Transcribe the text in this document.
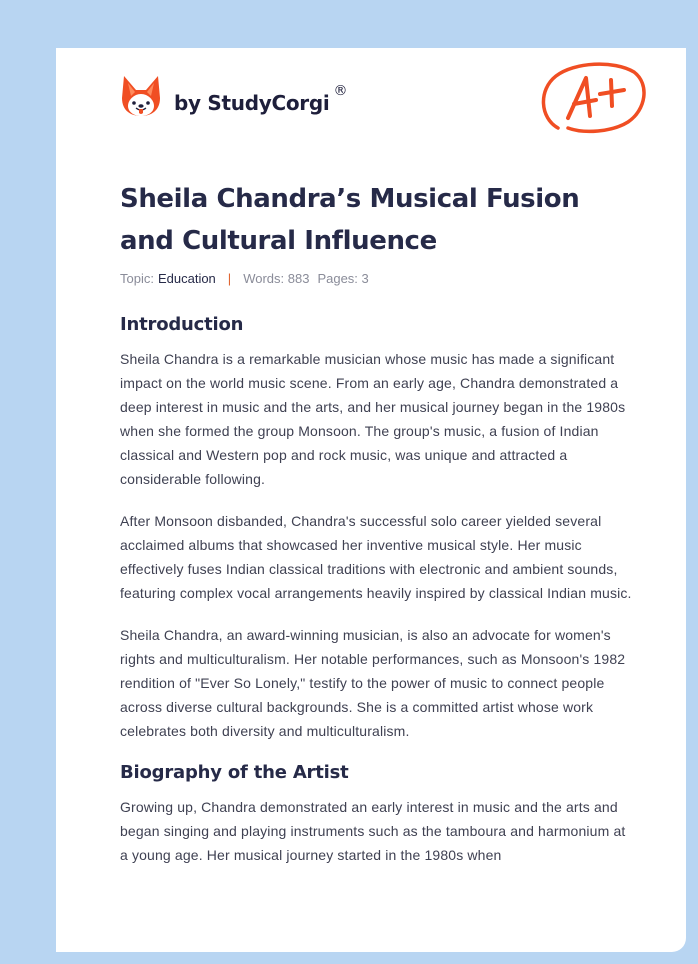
by StudyCorgi ®
Sheila Chandra’s Musical Fusion and Cultural Influence
Topic: Education | Words: 883 Pages: 3
Introduction

Sheila Chandra is a remarkable musician whose music has made a significant impact on the world music scene. From an early age, Chandra demonstrated a deep interest in music and the arts, and her musical journey began in the 1980s when she formed the group Monsoon. The group's music, a fusion of Indian classical and Western pop and rock music, was unique and attracted a considerable following.

After Monsoon disbanded, Chandra's successful solo career yielded several acclaimed albums that showcased her inventive musical style. Her music effectively fuses Indian classical traditions with electronic and ambient sounds, featuring complex vocal arrangements heavily inspired by classical Indian music.

Sheila Chandra, an award-winning musician, is also an advocate for women's rights and multiculturalism. Her notable performances, such as Monsoon's 1982 rendition of "Ever So Lonely," testify to the power of music to connect people across diverse cultural backgrounds. She is a committed artist whose work celebrates both diversity and multiculturalism.

Biography of the Artist

Growing up, Chandra demonstrated an early interest in music and the arts and began singing and playing instruments such as the tamboura and harmonium at a young age. Her musical journey started in the 1980s when
